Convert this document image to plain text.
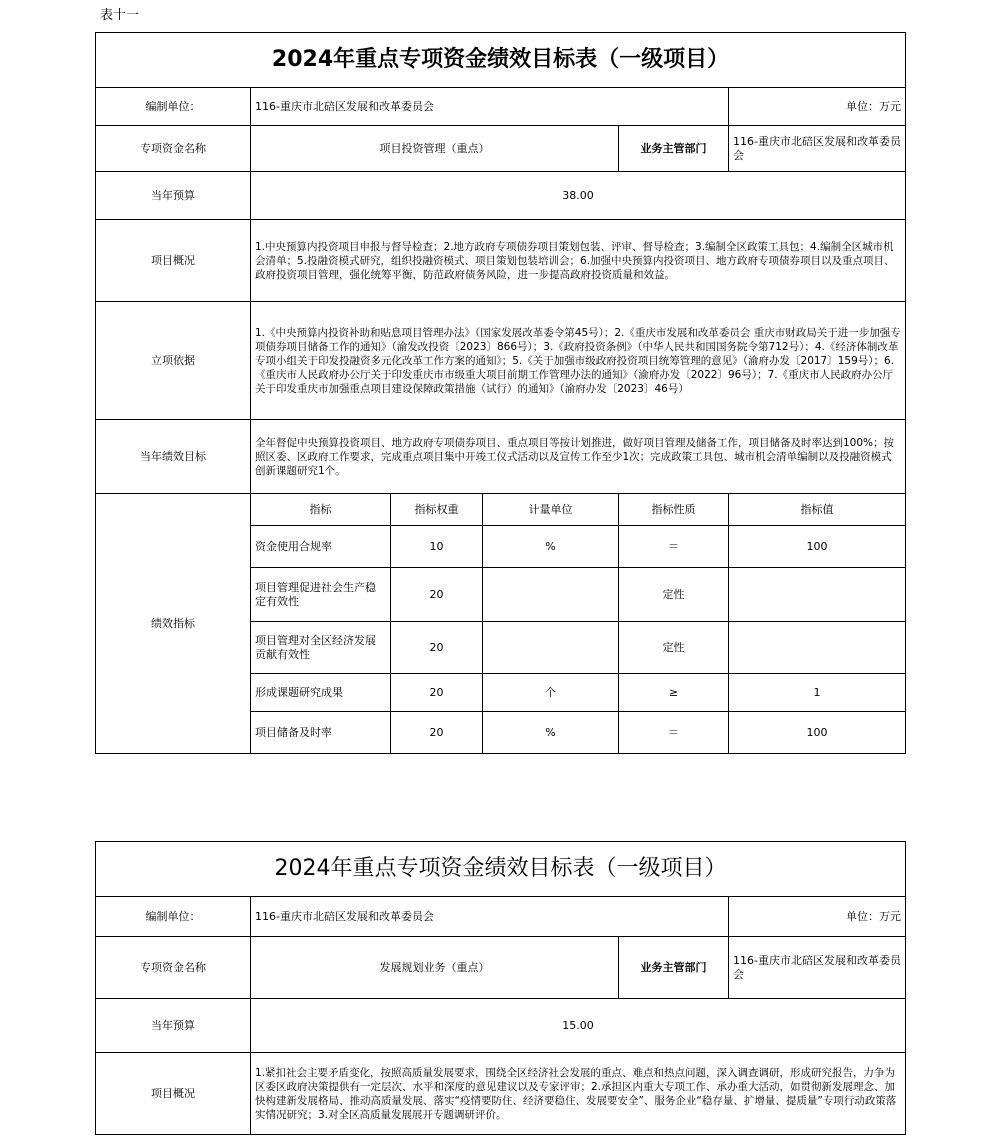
表十一
2024年重点专项资金绩效目标表（一级项目）					
编制单位：	116-重庆市北碚区发展和改革委员会				单位：万元
专项资金名称	项目投资管理（重点）			业务主管部门	116-重庆市北碚区发展和改革委员会
当年预算	38.00				
项目概况	1.中央预算内投资项目申报与督导检查；2.地方政府专项债券项目策划包装、评审、督导检查；3.编制全区政策工具包；4.编制全区城市机会清单；5.投融资模式研究，组织投融资模式、项目策划包装培训会；6.加强中央预算内投资项目、地方政府专项债券项目以及重点项目、政府投资项目管理，强化统筹平衡，防范政府债务风险，进一步提高政府投资质量和效益。				
立项依据	1.《中央预算内投资补助和贴息项目管理办法》（国家发展改革委令第45号）；2.《重庆市发展和改革委员会 重庆市财政局关于进一步加强专项债券项目储备工作的通知》（渝发改投资〔2023〕866号）；3.《政府投资条例》（中华人民共和国国务院令第712号）；4.《经济体制改革专项小组关于印发投融资多元化改革工作方案的通知》；5.《关于加强市级政府投资项目统筹管理的意见》（渝府办发〔2017〕159号）；6.《重庆市人民政府办公厅关于印发重庆市市级重大项目前期工作管理办法的通知》（渝府办发〔2022〕96号）；7.《重庆市人民政府办公厅关于印发重庆市加强重点项目建设保障政策措施（试行）的通知》（渝府办发〔2023〕46号）				
当年绩效目标	全年督促中央预算投资项目、地方政府专项债券项目、重点项目等按计划推进，做好项目管理及储备工作，项目储备及时率达到100%；按照区委、区政府工作要求，完成重点项目集中开竣工仪式活动以及宣传工作至少1次；完成政策工具包、城市机会清单编制以及投融资模式创新课题研究1个。				
绩效指标	指标	指标权重	计量单位	指标性质	指标值
	资金使用合规率	10	%	＝	100
	项目管理促进社会生产稳定有效性	20		定性	
	项目管理对全区经济发展贡献有效性	20		定性	
	形成课题研究成果	20	个	≥	1
	项目储备及时率	20	%	＝	100
2024年重点专项资金绩效目标表（一级项目）			
编制单位：	116-重庆市北碚区发展和改革委员会		单位：万元
专项资金名称	发展规划业务（重点）	业务主管部门	116-重庆市北碚区发展和改革委员会
当年预算	15.00		
项目概况	1.紧扣社会主要矛盾变化，按照高质量发展要求，围绕全区经济社会发展的重点、难点和热点问题，深入调查调研，形成研究报告，力争为区委区政府决策提供有一定层次、水平和深度的意见建议以及专家评审；2.承担区内重大专项工作、承办重大活动，如贯彻新发展理念、加快构建新发展格局、推动高质量发展、落实“疫情要防住、经济要稳住、发展要安全”、服务企业“稳存量、扩增量、提质量”专项行动政策落实情况研究；3.对全区高质量发展展开专题调研评价。		
